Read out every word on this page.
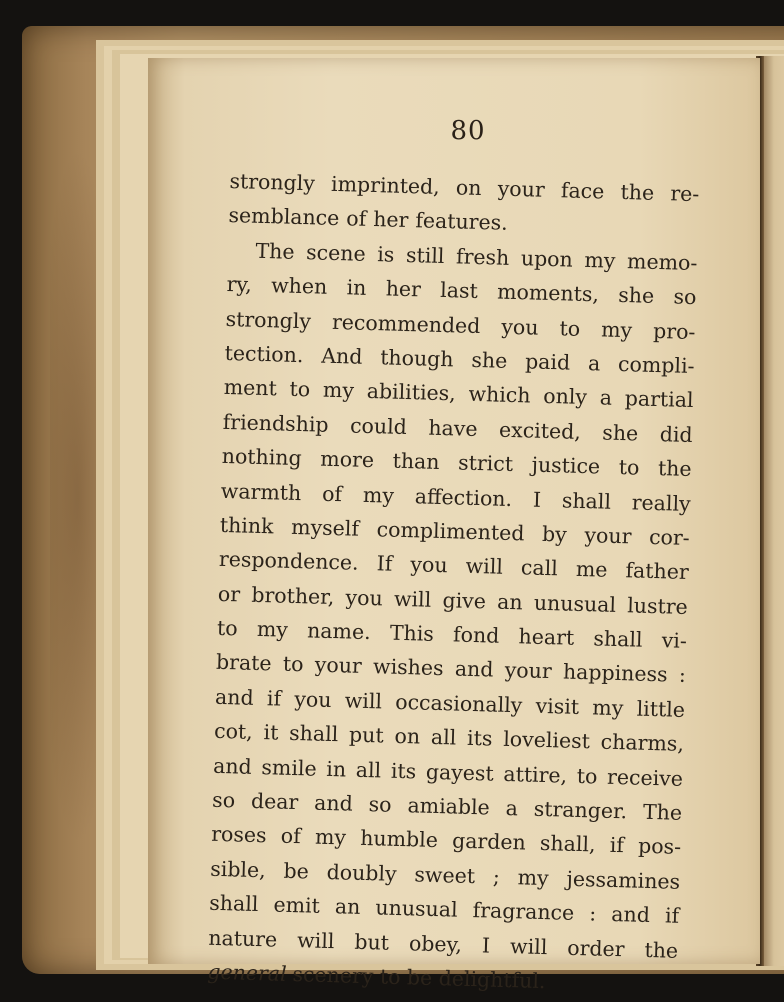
80
strongly imprinted, on your face the re-
semblance of her features.
The scene is still fresh upon my memo-
ry, when in her last moments, she so
strongly recommended you to my pro-
tection. And though she paid a compli-
ment to my abilities, which only a partial
friendship could have excited, she did
nothing more than strict justice to the
warmth of my affection. I shall really
think myself complimented by your cor-
respondence. If you will call me father
or brother, you will give an unusual lustre
to my name. This fond heart shall vi-
brate to your wishes and your happiness :
and if you will occasionally visit my little
cot, it shall put on all its loveliest charms,
and smile in all its gayest attire, to receive
so dear and so amiable a stranger. The
roses of my humble garden shall, if pos-
sible, be doubly sweet ; my jessamines
shall emit an unusual fragrance : and if
nature will but obey, I will order the
general scenery to be delightful.
